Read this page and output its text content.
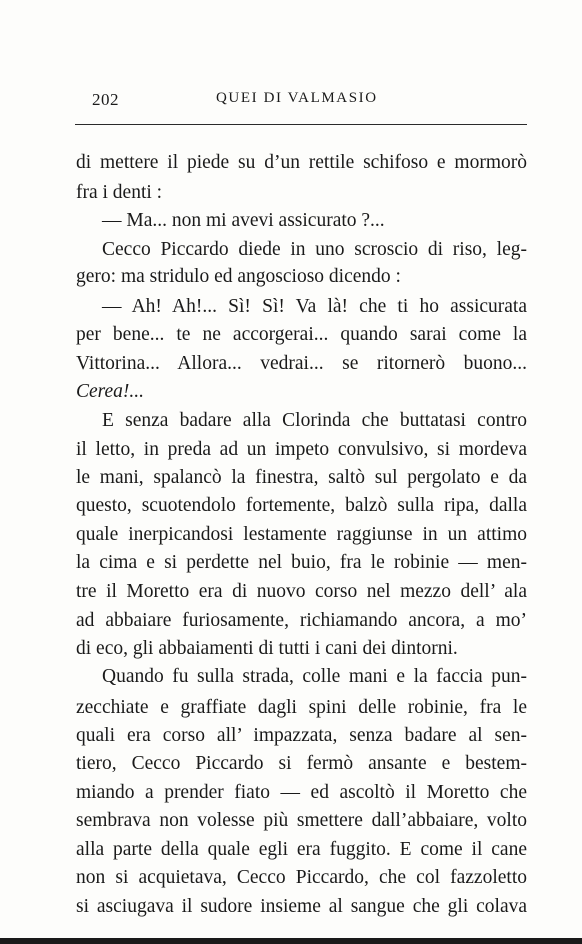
202	QUEI DI VALMASIO
di mettere il piede su d’un rettile schifoso e mormorò
fra i denti :
— Ma... non mi avevi assicurato ?...
Cecco Piccardo diede in uno scroscio di riso, leg-
gero: ma stridulo ed angoscioso dicendo :
— Ah! Ah!... Sì! Sì! Va là! che ti ho assicurata
per bene... te ne accorgerai... quando sarai come la
Vittorina... Allora... vedrai... se ritornerò buono...
Cerea!...
E senza badare alla Clorinda che buttatasi contro
il letto, in preda ad un impeto convulsivo, si mordeva
le mani, spalancò la finestra, saltò sul pergolato e da
questo, scuotendolo fortemente, balzò sulla ripa, dalla
quale inerpicandosi lestamente raggiunse in un attimo
la cima e si perdette nel buio, fra le robinie — men-
tre il Moretto era di nuovo corso nel mezzo dell’ ala
ad abbaiare furiosamente, richiamando ancora, a mo’
di eco, gli abbaiamenti di tutti i cani dei dintorni.
Quando fu sulla strada, colle mani e la faccia pun-
zecchiate e graffiate dagli spini delle robinie, fra le
quali era corso all’ impazzata, senza badare al sen-
tiero, Cecco Piccardo si fermò ansante e bestem-
miando a prender fiato — ed ascoltò il Moretto che
sembrava non volesse più smettere dall’abbaiare, volto
alla parte della quale egli era fuggito. E come il cane
non si acquietava, Cecco Piccardo, che col fazzoletto
si asciugava il sudore insieme al sangue che gli colava
